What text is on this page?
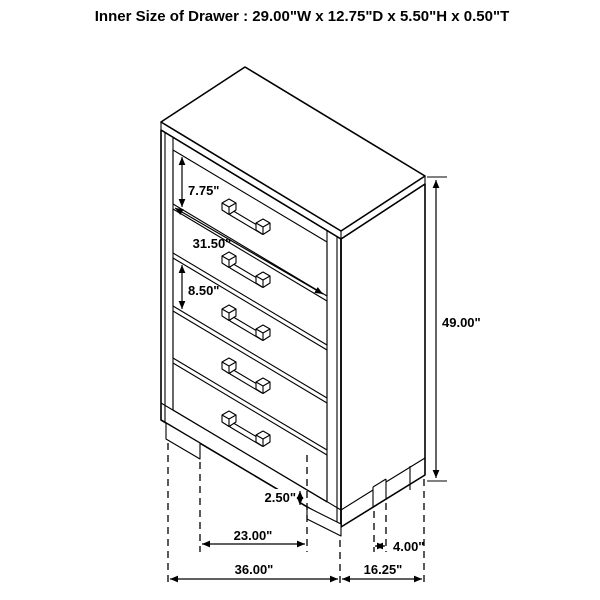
7.75"
31.50"
8.50"
49.00"
2.50"
23.00"
4.00"
36.00"	16.25"
Inner Size of Drawer : 29.00"W x 12.75"D x 5.50"H x 0.50"T
